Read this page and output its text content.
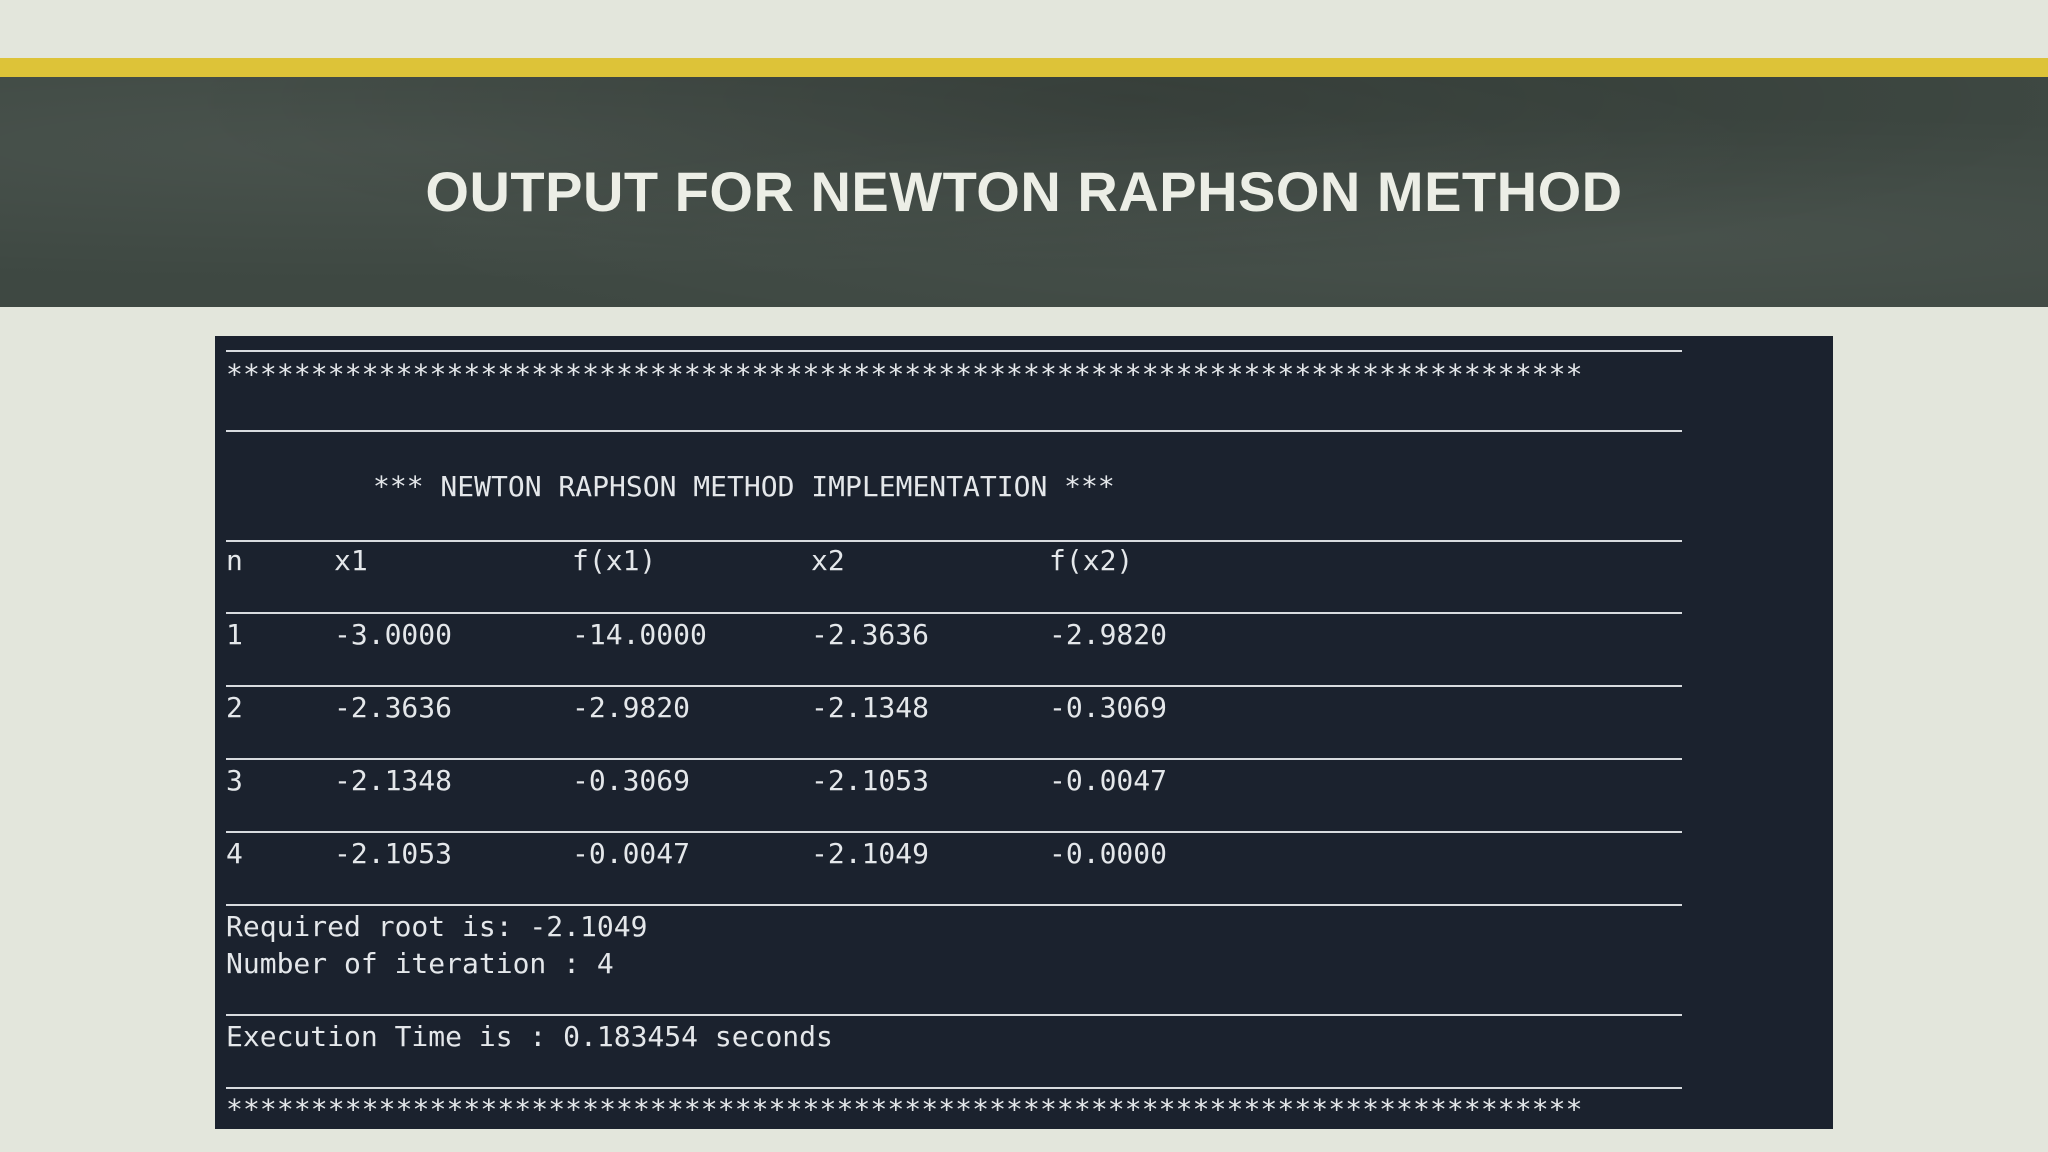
OUTPUT FOR NEWTON RAPHSON METHOD
********************************************************************************
*** NEWTON RAPHSON METHOD IMPLEMENTATION ***
n	x1	f(x1)	x2	f(x2)
1	-3.0000	-14.0000	-2.3636	-2.9820
2	-2.3636	-2.9820	-2.1348	-0.3069
3	-2.1348	-0.3069	-2.1053	-0.0047
4	-2.1053	-0.0047	-2.1049	-0.0000
Required root is: -2.1049
Number of iteration : 4
Execution Time is : 0.183454 seconds
********************************************************************************
